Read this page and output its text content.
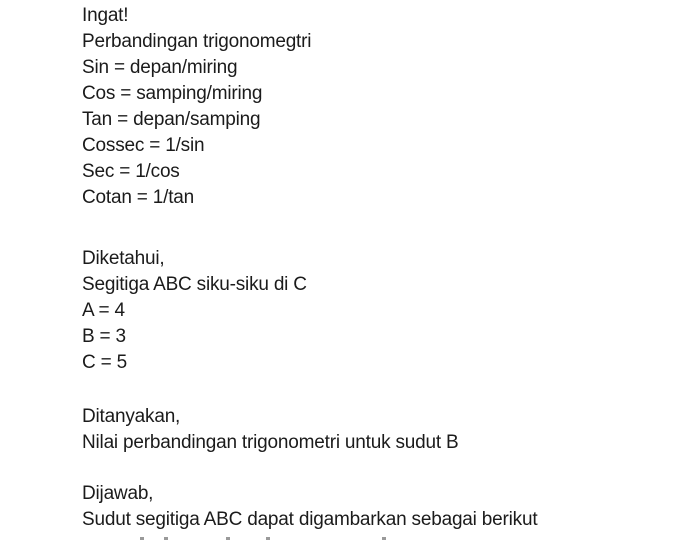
Ingat!
Perbandingan trigonomegtri
Sin = depan/miring
Cos = samping/miring
Tan = depan/samping
Cossec = 1/sin
Sec = 1/cos
Cotan = 1/tan
Diketahui,
Segitiga ABC siku-siku di C
A = 4
B = 3
C = 5
Ditanyakan,
Nilai perbandingan trigonometri untuk sudut B
Dijawab,
Sudut segitiga ABC dapat digambarkan sebagai berikut
